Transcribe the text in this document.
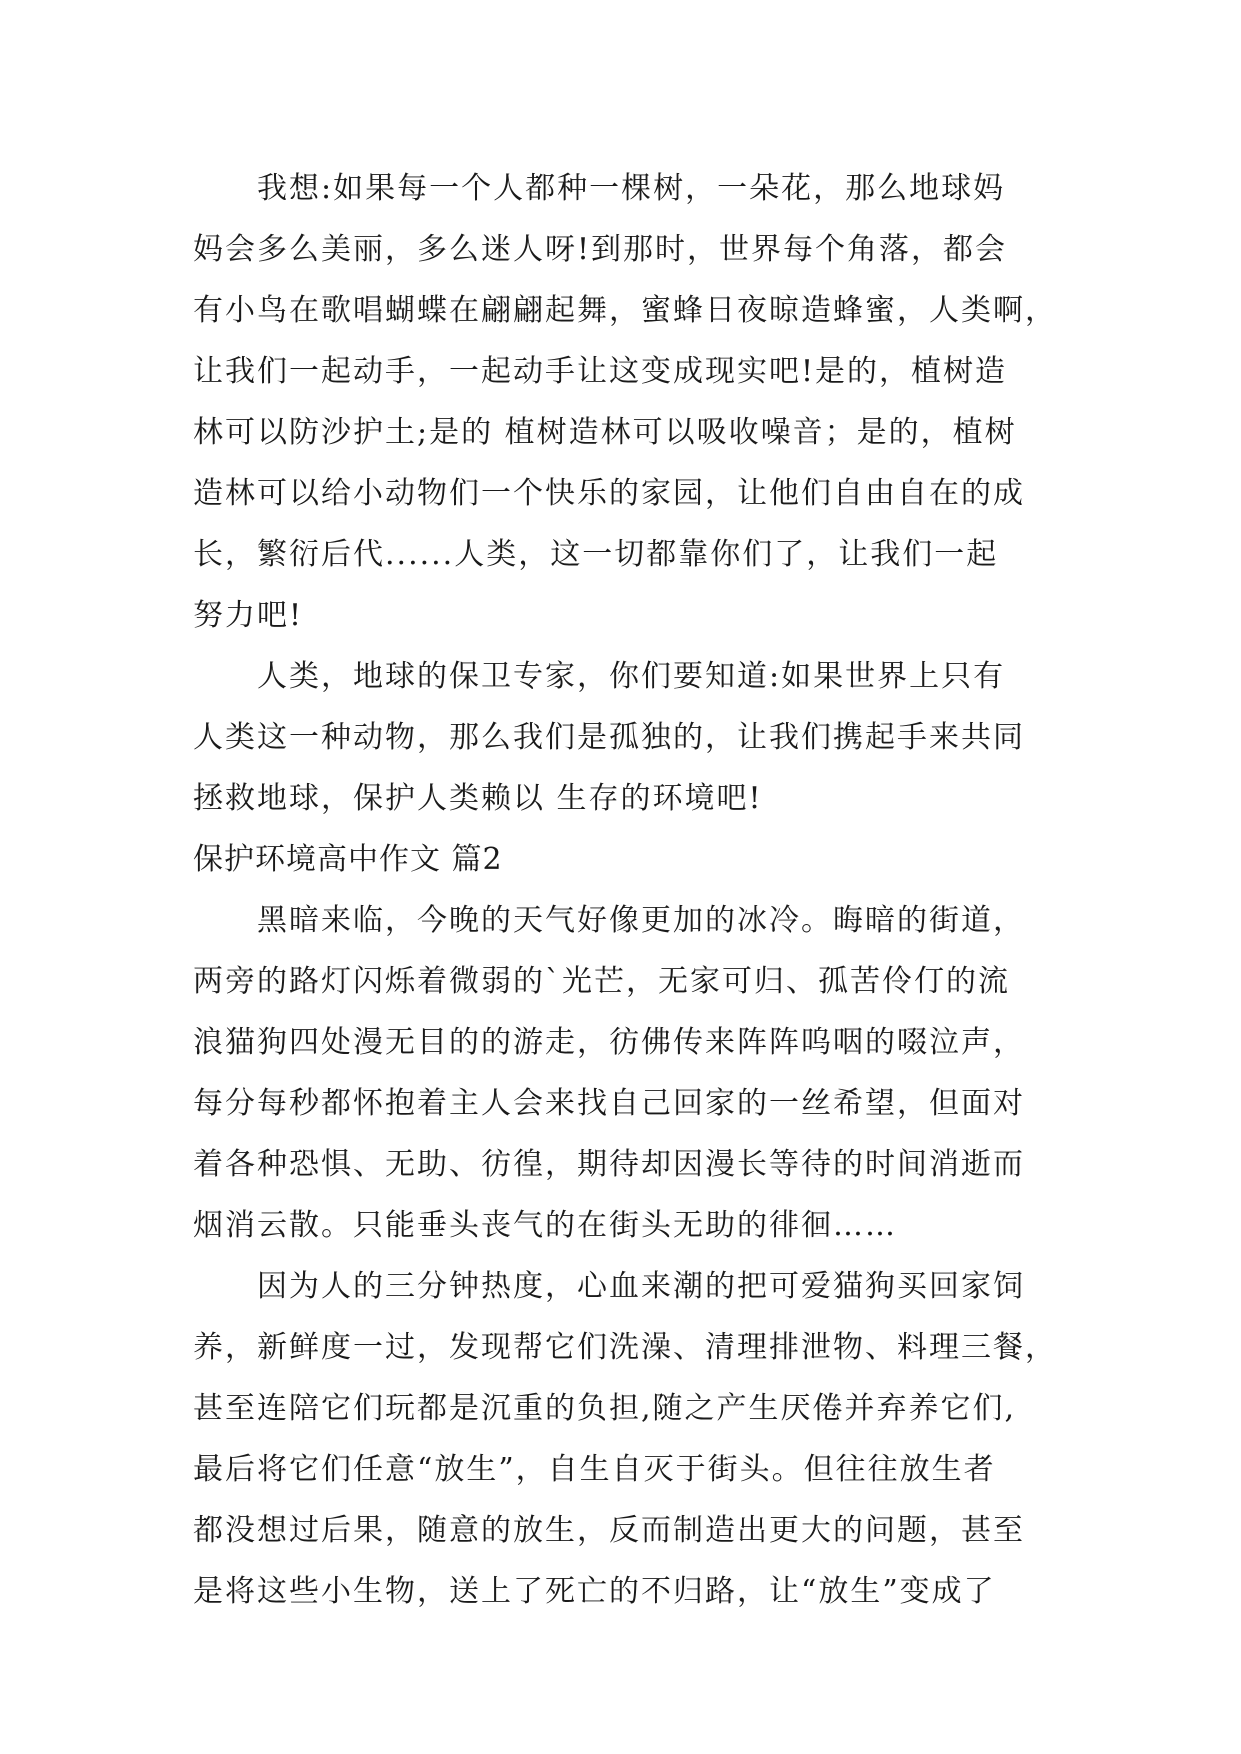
我想:如果每一个人都种一棵树，一朵花，那么地球妈
妈会多么美丽，多么迷人呀!到那时，世界每个角落，都会
有小鸟在歌唱蝴蝶在翩翩起舞，蜜蜂日夜晾造蜂蜜，人类啊，
让我们一起动手，一起动手让这变成现实吧!是的，植树造
林可以防沙护土;是的 植树造林可以吸收噪音；是的，植树
造林可以给小动物们一个快乐的家园，让他们自由自在的成
长，繁衍后代......人类，这一切都靠你们了，让我们一起
努力吧!
人类，地球的保卫专家，你们要知道:如果世界上只有
人类这一种动物，那么我们是孤独的，让我们携起手来共同
拯救地球，保护人类赖以 生存的环境吧!
保护环境高中作文 篇2
黑暗来临，今晚的天气好像更加的冰冷。晦暗的街道，
两旁的路灯闪烁着微弱的`光芒，无家可归、孤苦伶仃的流
浪猫狗四处漫无目的的游走，彷佛传来阵阵呜咽的啜泣声，
每分每秒都怀抱着主人会来找自己回家的一丝希望，但面对
着各种恐惧、无助、彷徨，期待却因漫长等待的时间消逝而
烟消云散。只能垂头丧气的在街头无助的徘徊……
因为人的三分钟热度，心血来潮的把可爱猫狗买回家饲
养，新鲜度一过，发现帮它们洗澡、清理排泄物、料理三餐，
甚至连陪它们玩都是沉重的负担,随之产生厌倦并弃养它们,
最后将它们任意“放生”，自生自灭于街头。但往往放生者
都没想过后果，随意的放生，反而制造出更大的问题，甚至
是将这些小生物，送上了死亡的不归路，让“放生”变成了
